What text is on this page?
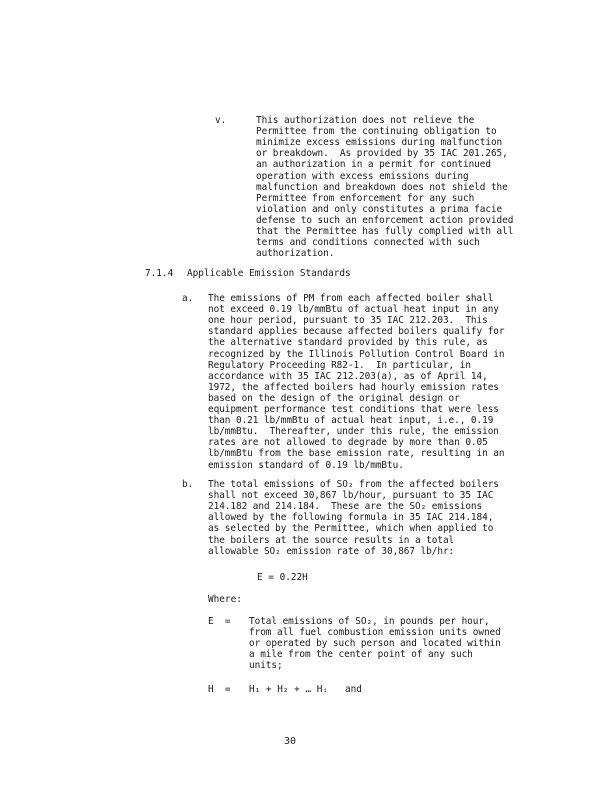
v.	This authorization does not relieve the
Permittee from the continuing obligation to
minimize excess emissions during malfunction
or breakdown.  As provided by 35 IAC 201.265,
an authorization in a permit for continued
operation with excess emissions during
malfunction and breakdown does not shield the
Permittee from enforcement for any such
violation and only constitutes a prima facie
defense to such an enforcement action provided
that the Permittee has fully complied with all
terms and conditions connected with such
authorization.
7.1.4 Applicable Emission Standards
a. The emissions of PM from each affected boiler shall
not exceed 0.19 lb/mmBtu of actual heat input in any
one hour period, pursuant to 35 IAC 212.203.  This
standard applies because affected boilers qualify for
the alternative standard provided by this rule, as
recognized by the Illinois Pollution Control Board in
Regulatory Proceeding R82-1.  In particular, in
accordance with 35 IAC 212.203(a), as of April 14,
1972, the affected boilers had hourly emission rates
based on the design of the original design or
equipment performance test conditions that were less
than 0.21 lb/mmBtu of actual heat input, i.e., 0.19
lb/mmBtu.  Thereafter, under this rule, the emission
rates are not allowed to degrade by more than 0.05
lb/mmBtu from the base emission rate, resulting in an
emission standard of 0.19 lb/mmBtu.
b. The total emissions of SO₂ from the affected boilers
shall not exceed 30,867 lb/hour, pursuant to 35 IAC
214.182 and 214.184.  These are the SO₂ emissions
allowed by the following formula in 35 IAC 214.184,
as selected by the Permittee, which when applied to
the boilers at the source results in a total
allowable SO₂ emission rate of 30,867 lb/hr:
E = 0.22H
Where:
E  = Total emissions of SO₂, in pounds per hour,
from all fuel combustion emission units owned
or operated by such person and located within
a mile from the center point of any such
units;
H  = H₁ + H₂ + … Hᵢ   and
30
